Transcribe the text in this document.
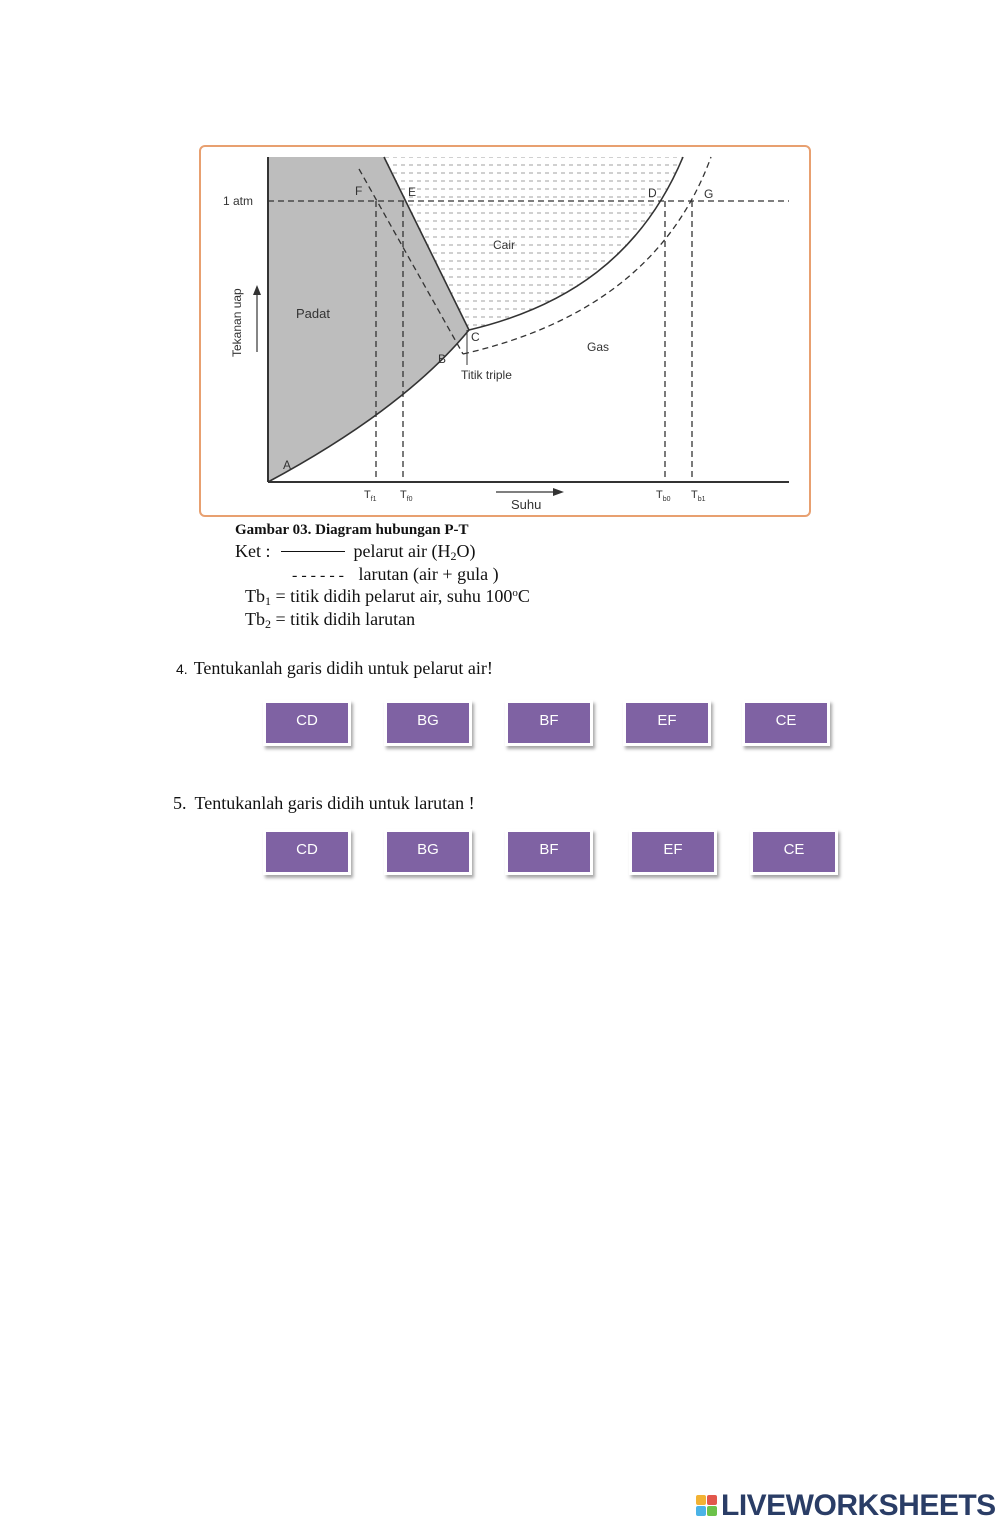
1 atm
Tekanan uap
Suhu
Padat
Cair
Gas
Titik triple
A
B
C
D
E
F	G
$T_{f1}$ $T_{f0}$	$T_{b0}$ $T_{b1}$
Gambar 03. Diagram hubungan P-T
Ket :	pelarut air $(H_2O)$
- - - - - - larutan (air + gula )
$Tb_1$ = titik didih pelarut air, suhu 100$^o$C
$Tb_2$ = titik didih larutan
4. Tentukanlah garis didih untuk pelarut air!
CD	BG	BF	EF	CE
5. Tentukanlah garis didih untuk larutan !
CD	BG	BF	EF	CE
LIVEWORKSHEETS
